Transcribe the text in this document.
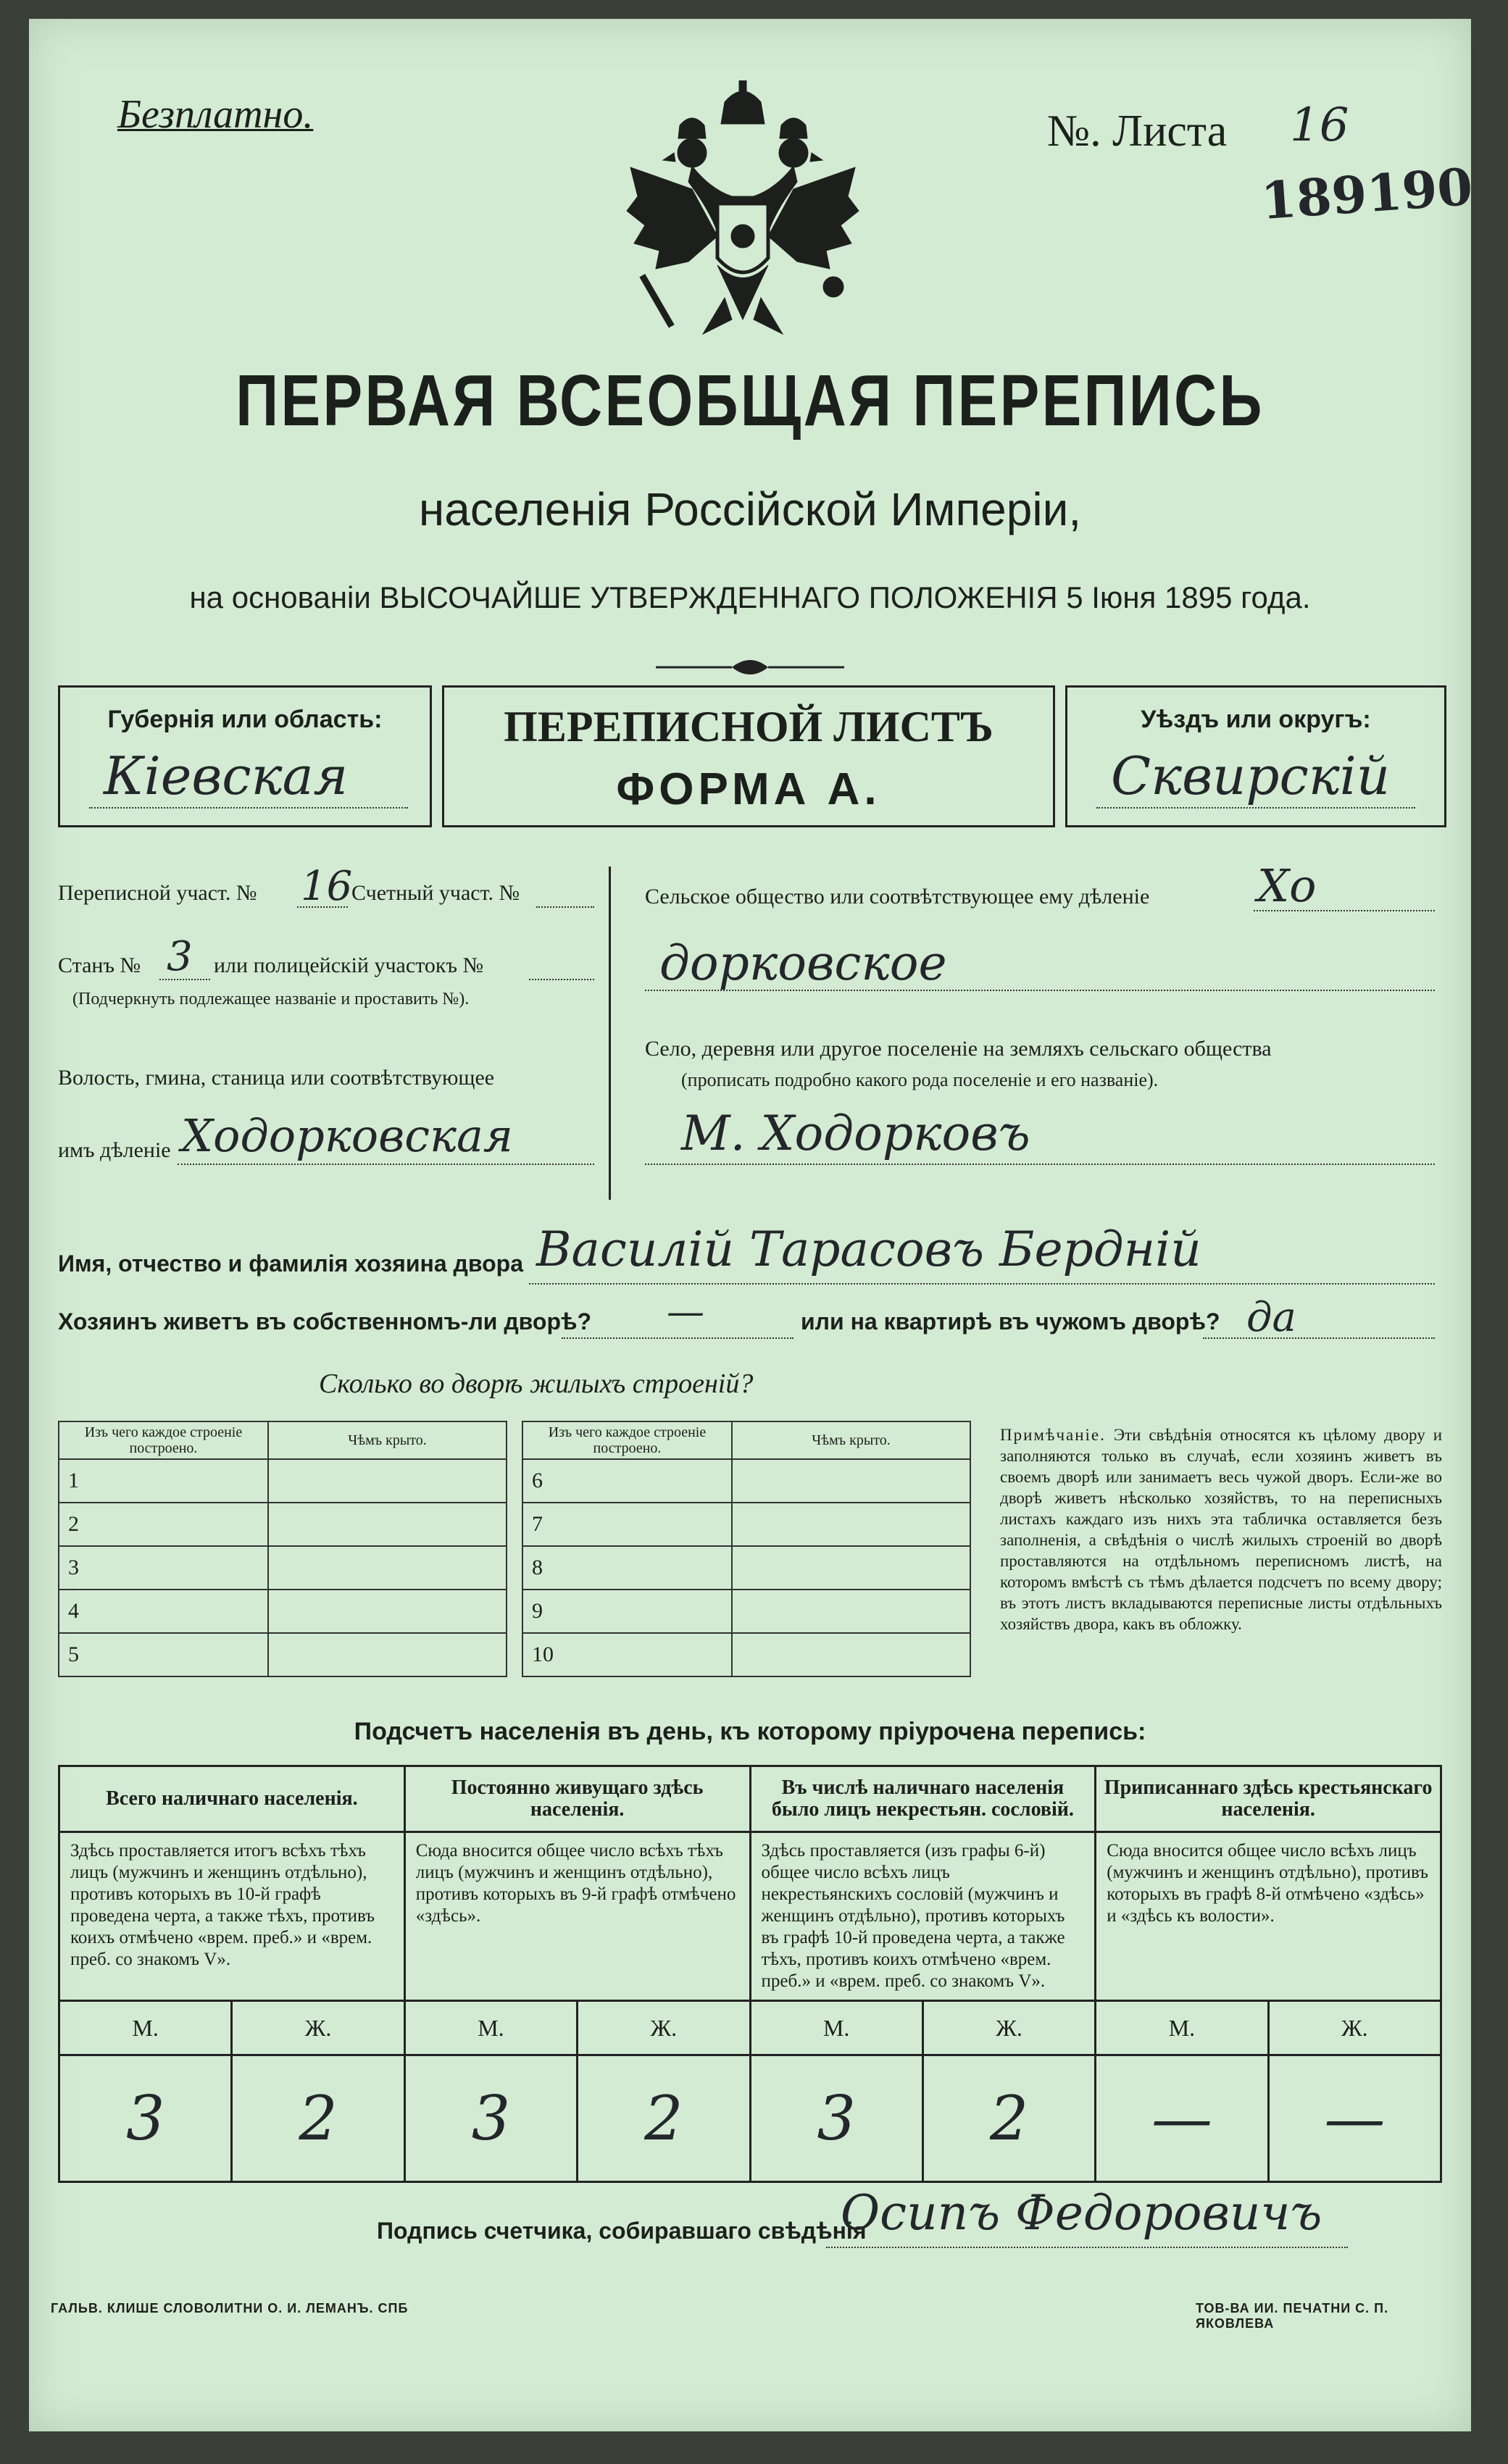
Безплатно.	№. Листа 16
189190
ПЕРВАЯ ВСЕОБЩАЯ ПЕРЕПИСЬ
населенія Россійской Имперіи,
на основаніи ВЫСОЧАЙШЕ УТВЕРЖДЕННАГО ПОЛОЖЕНІЯ 5 Іюня 1895 года.
Губернія или область:
Кіевская
ПЕРЕПИСНОЙ ЛИСТЪ
ФОРМА А.
Уѣздъ или округъ:
Сквирскій
Переписной участ. № 16
Счетный участ. №
Станъ № 3 или полицейскій участокъ №
(Подчеркнуть подлежащее названіе и проставить №).
Волость, гмина, станица или соотвѣтствующее
имъ дѣленіе Ходорковская
Сельское общество или соотвѣтствующее ему дѣленіе Хо
дорковское
Село, деревня или другое поселеніе на земляхъ сельскаго общества
(прописать подробно какого рода поселеніе и его названіе).
М. Ходорковъ
Имя, отчество и фамилія хозяина двора Василій Тарасовъ Бердній
Хозяинъ живетъ въ собственномъ-ли дворѣ? —	или на квартирѣ въ чужомъ дворѣ? да
Сколько во дворѣ жилыхъ строеній?
Изъ чего каждое строеніе построено.	Чѣмъ крыто.
1	
2	
3	
4	
5	
Изъ чего каждое строеніе построено.	Чѣмъ крыто.
6	
7	
8	
9	
10	
Примѣчаніе. Эти свѣдѣнія относятся къ цѣлому двору и заполняются только въ случаѣ, если хозяинъ живетъ въ своемъ дворѣ или занимаетъ весь чужой дворъ. Если-же во дворѣ живетъ нѣсколько хозяйствъ, то на переписныхъ листахъ каждаго изъ нихъ эта табличка оставляется безъ заполненія, а свѣдѣнія о числѣ жилыхъ строеній во дворѣ проставляются на отдѣльномъ переписномъ листѣ, на которомъ вмѣстѣ съ тѣмъ дѣлается подсчетъ по всему двору; въ этотъ листъ вкладываются переписные листы отдѣльныхъ хозяйствъ двора, какъ въ обложку.
Подсчетъ населенія въ день, къ которому пріурочена перепись:
Всего наличнаго населенія.		Постоянно живущаго здѣсь населенія.		Въ числѣ наличнаго населенія было лицъ некрестьян. сословій.		Приписаннаго здѣсь крестьянскаго населенія.	
Здѣсь проставляется итогъ всѣхъ тѣхъ лицъ (мужчинъ и женщинъ отдѣльно), противъ которыхъ въ 10-й графѣ проведена черта, а также тѣхъ, противъ коихъ отмѣчено «врем. преб.» и «врем. преб. со знакомъ V».		Сюда вносится общее число всѣхъ тѣхъ лицъ (мужчинъ и женщинъ отдѣльно), противъ которыхъ въ 9-й графѣ отмѣчено «здѣсь».		Здѣсь проставляется (изъ графы 6-й) общее число всѣхъ лицъ некрестьянскихъ сословій (мужчинъ и женщинъ отдѣльно), противъ которыхъ въ графѣ 10-й проведена черта, а также тѣхъ, противъ коихъ отмѣчено «врем. преб.» и «врем. преб. со знакомъ V».		Сюда вносится общее число всѣхъ лицъ (мужчинъ и женщинъ отдѣльно), противъ которыхъ въ графѣ 8-й отмѣчено «здѣсь» и «здѣсь къ волости».	
М.	Ж.	М.	Ж.	М.	Ж.	М.	Ж.
3	2	3	2	3	2	—	—
Подпись счетчика, собиравшаго свѣдѣнія
Осипъ Федоровичъ
ГАЛЬВ. КЛИШЕ СЛОВОЛИТНИ О. И. ЛЕМАНЪ. СПБ	ТОВ-ВА ИИ. ПЕЧАТНИ С. П. ЯКОВЛЕВА
